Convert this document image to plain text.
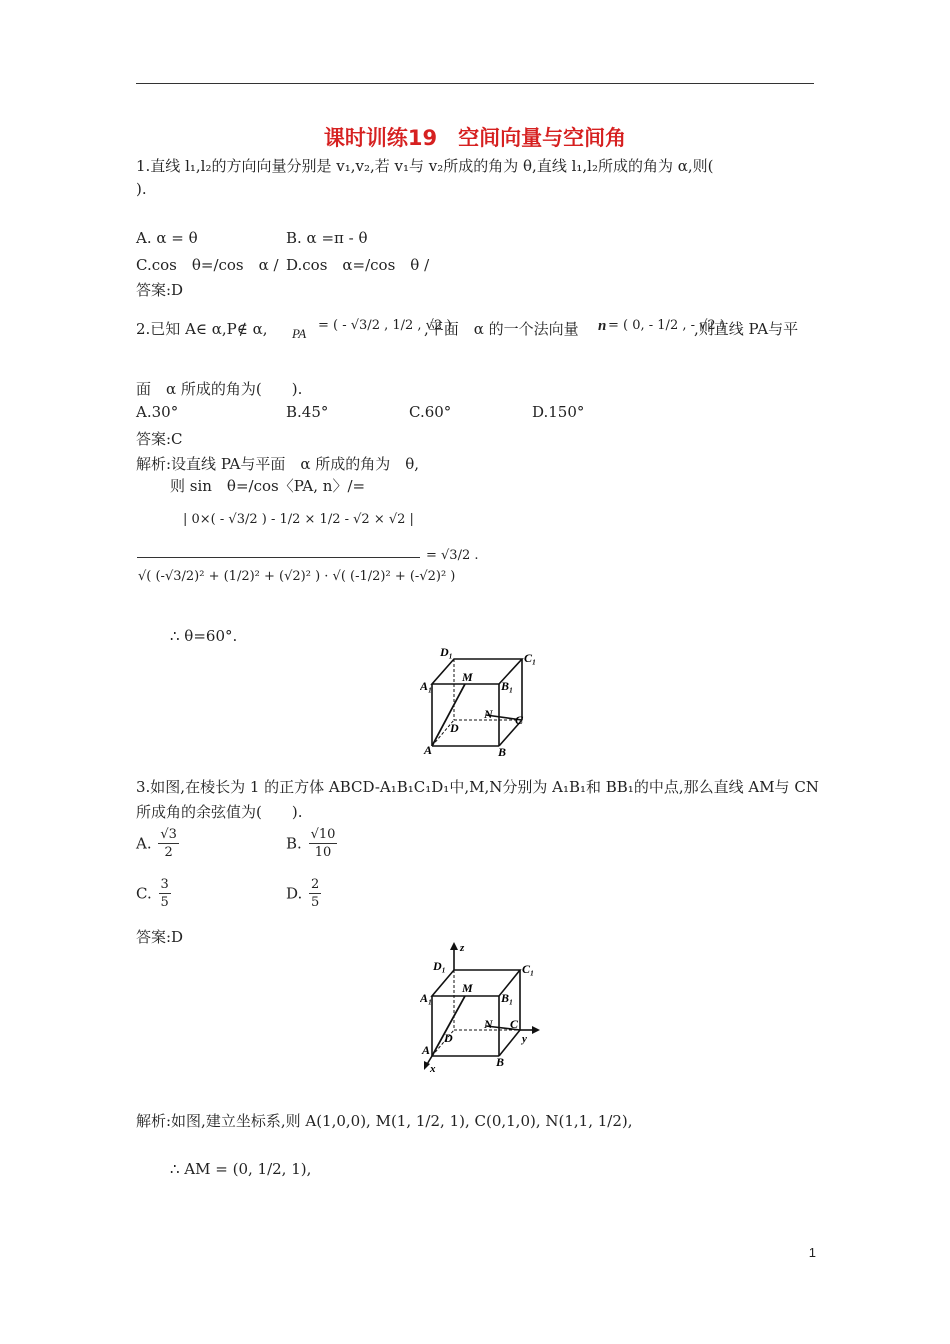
课时训练19　空间向量与空间角
1.直线 l₁,l₂的方向向量分别是 v₁,v₂,若 v₁与 v₂所成的角为 θ,直线 l₁,l₂所成的角为 α,则(
).
A. α = θ	B. α =π - θ
C.cos　θ=/cos　α / D.cos　α=/cos　θ /
答案:D
2.已知 A∈ α,P∉ α, PA
= ( - √3/2 , 1/2 , √2 )
,平面　α 的一个法向量 n = ( 0, - 1/2 , - √2 )
,则直线 PA与平
面　α 所成的角为(　　).
A.30°	B.45°	C.60°	D.150°
答案:C
解析:设直线 PA与平面　α 所成的角为　θ,
则 sin　θ=/cos〈PA, n〉/=
| 0×( - √3/2 ) - 1/2 × 1/2 - √2 × √2 |
√( (-√3/2)² + (1/2)² + (√2)² ) · √( (-1/2)² + (-√2)² )
= √3/2 .
∴ θ=60°.
D₁	C₁
A₁	B₁
M
N C
D
A	B
3.如图,在棱长为 1 的正方体 ABCD-A₁B₁C₁D₁中,M,N分别为 A₁B₁和 BB₁的中点,那么直线 AM与 CN
所成角的余弦值为(　　).
A. $\frac{√3}{2}$	B. $\frac{√10}{10}$
C. $\frac{3}{5}$	D. $\frac{2}{5}$
答案:D
z
y
x
D₁	C₁
A₁	B₁
M
N C
D
A
B
解析:如图,建立坐标系,则 A(1,0,0), M(1, 1/2, 1), C(0,1,0), N(1,1, 1/2),
∴ AM = (0, 1/2, 1),
1
